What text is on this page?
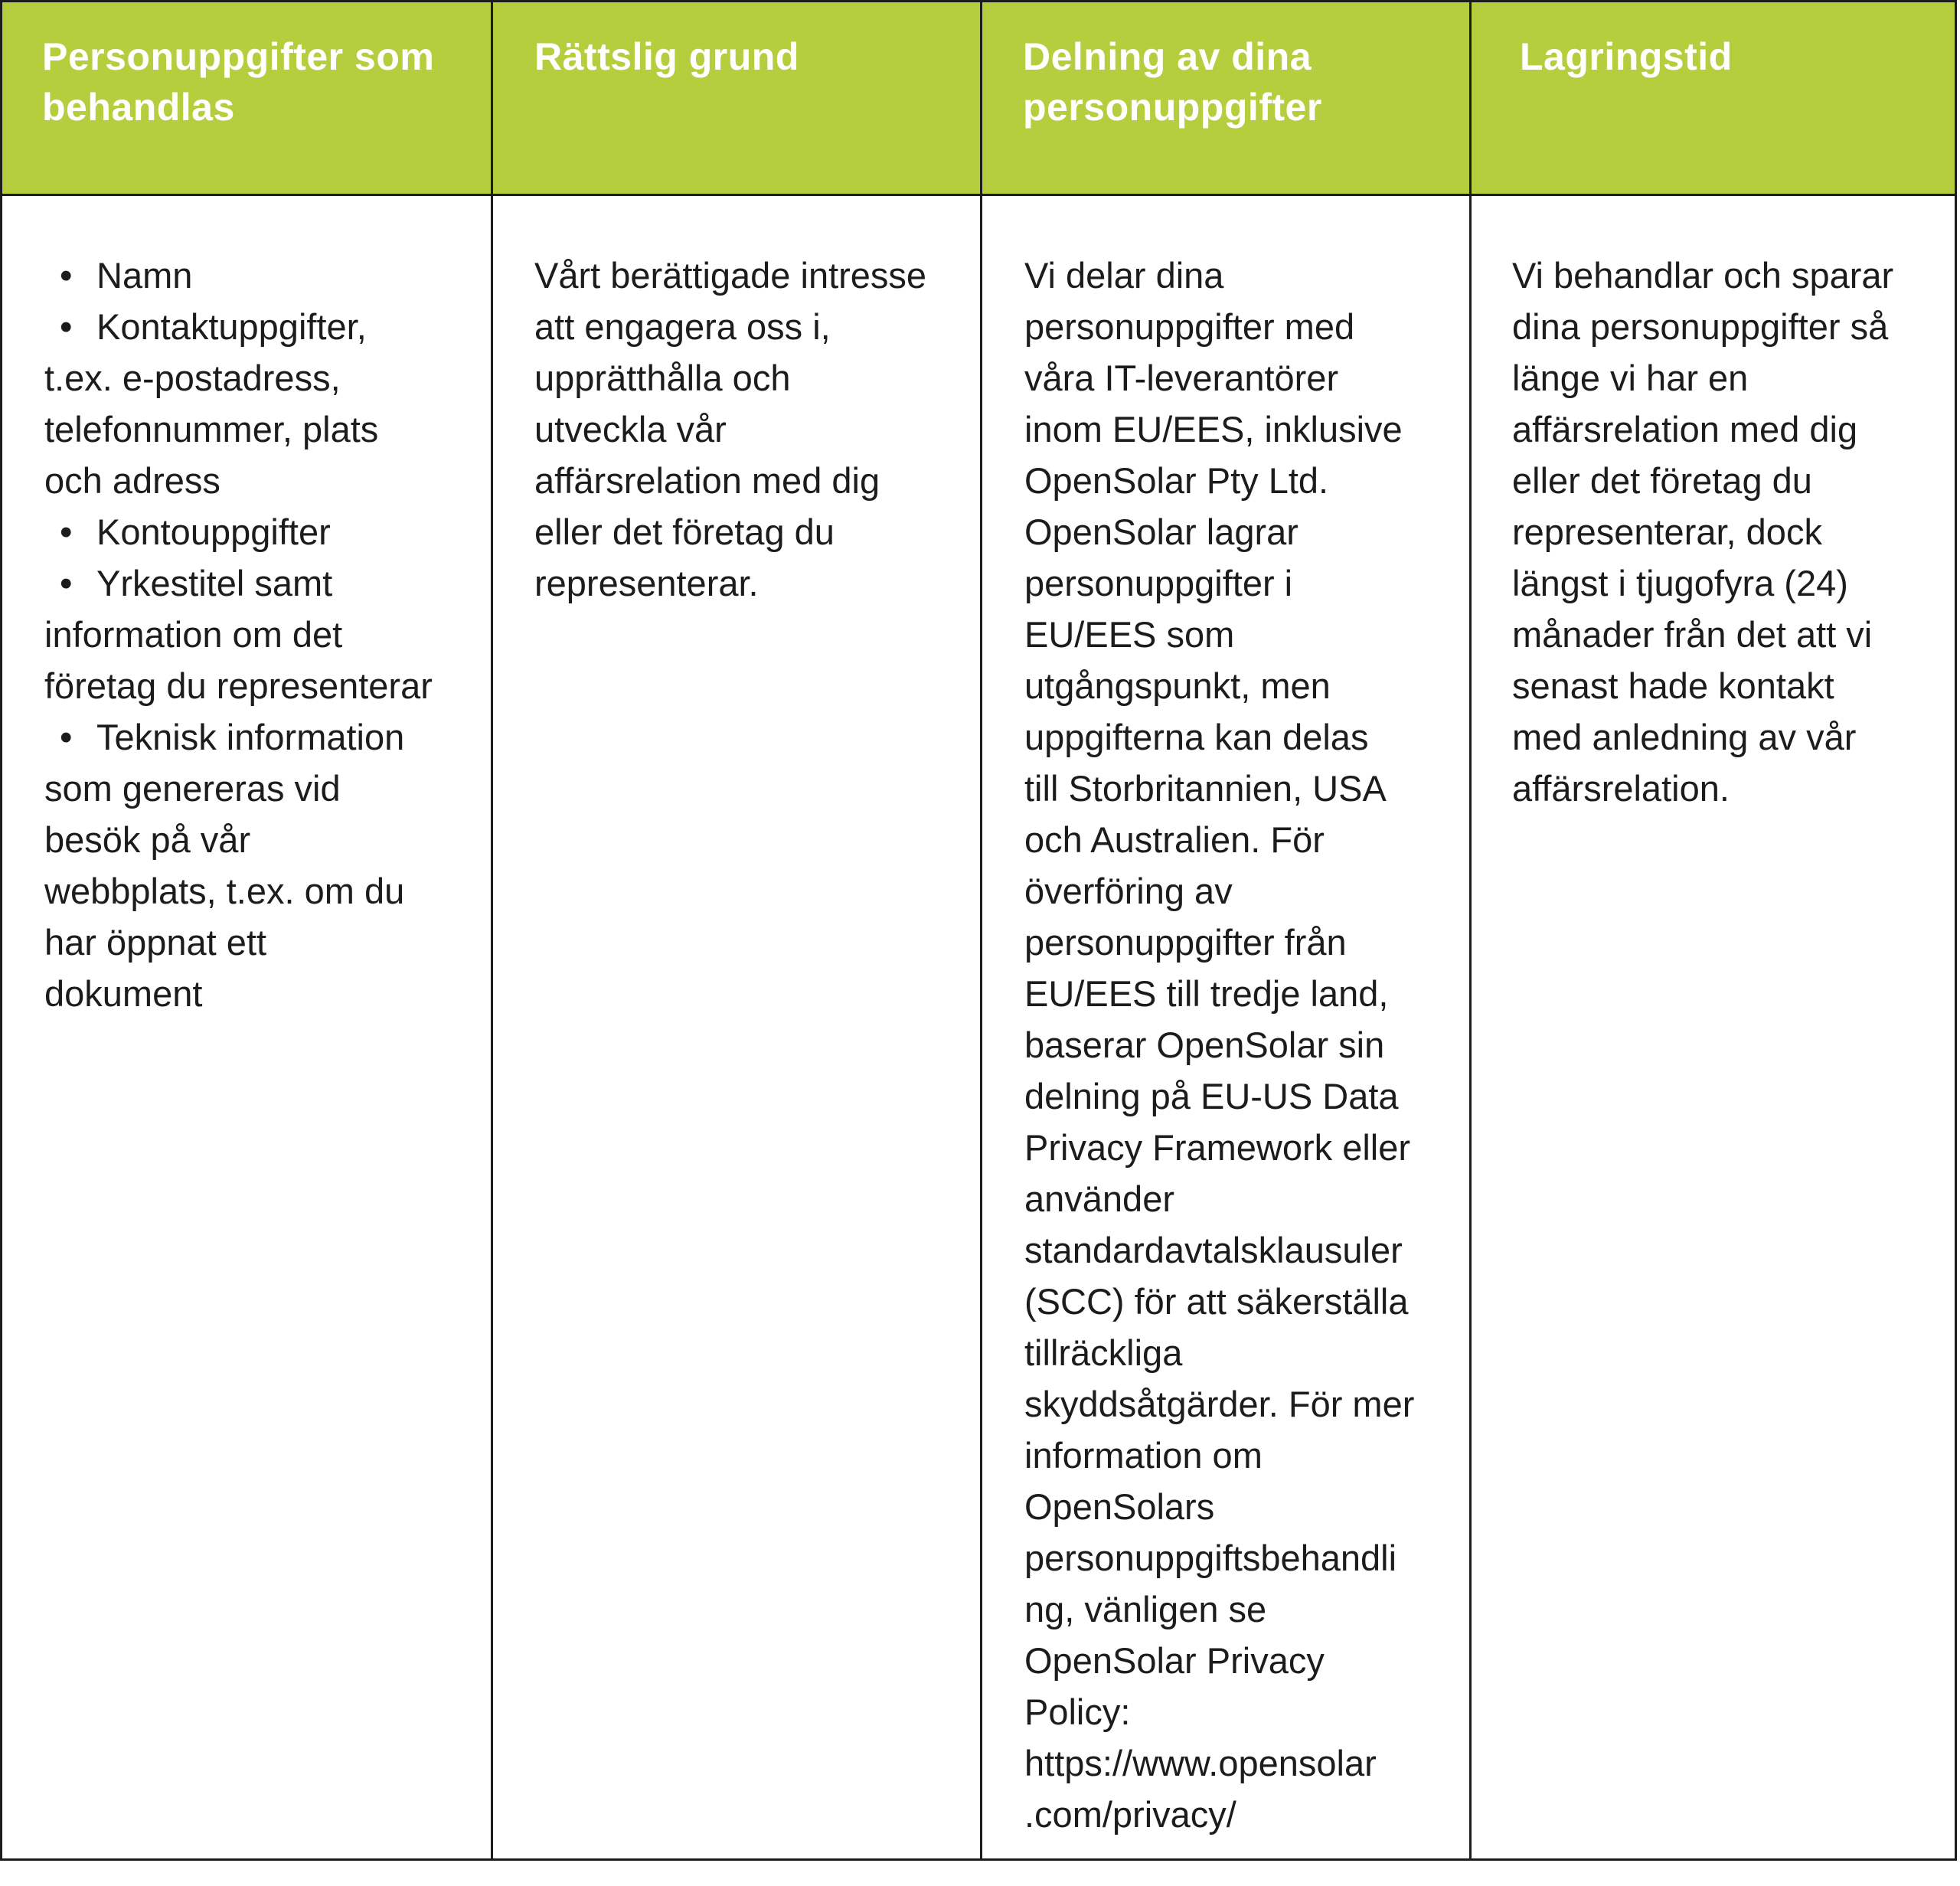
Personuppgifter som
behandlas
Rättslig grund	Delning av dina
personuppgifter
Lagringstid
• Namn
• Kontaktuppgifter,
t.ex. e-postadress,
telefonnummer, plats
och adress
• Kontouppgifter
• Yrkestitel samt
information om det
företag du representerar
• Teknisk information
som genereras vid
besök på vår
webbplats, t.ex. om du
har öppnat ett
dokument
Vårt berättigade intresse
att engagera oss i,
upprätthålla och
utveckla vår
affärsrelation med dig
eller det företag du
representerar.
Vi delar dina
personuppgifter med
våra IT-leverantörer
inom EU/EES, inklusive
OpenSolar Pty Ltd.
OpenSolar lagrar
personuppgifter i
EU/EES som
utgångspunkt, men
uppgifterna kan delas
till Storbritannien, USA
och Australien. För
överföring av
personuppgifter från
EU/EES till tredje land,
baserar OpenSolar sin
delning på EU-US Data
Privacy Framework eller
använder
standardavtalsklausuler
(SCC) för att säkerställa
tillräckliga
skyddsåtgärder. För mer
information om
OpenSolars
personuppgiftsbehandli
ng, vänligen se
OpenSolar Privacy
Policy:
https://www.opensolar
.com/privacy/
Vi behandlar och sparar
dina personuppgifter så
länge vi har en
affärsrelation med dig
eller det företag du
representerar, dock
längst i tjugofyra (24)
månader från det att vi
senast hade kontakt
med anledning av vår
affärsrelation.
